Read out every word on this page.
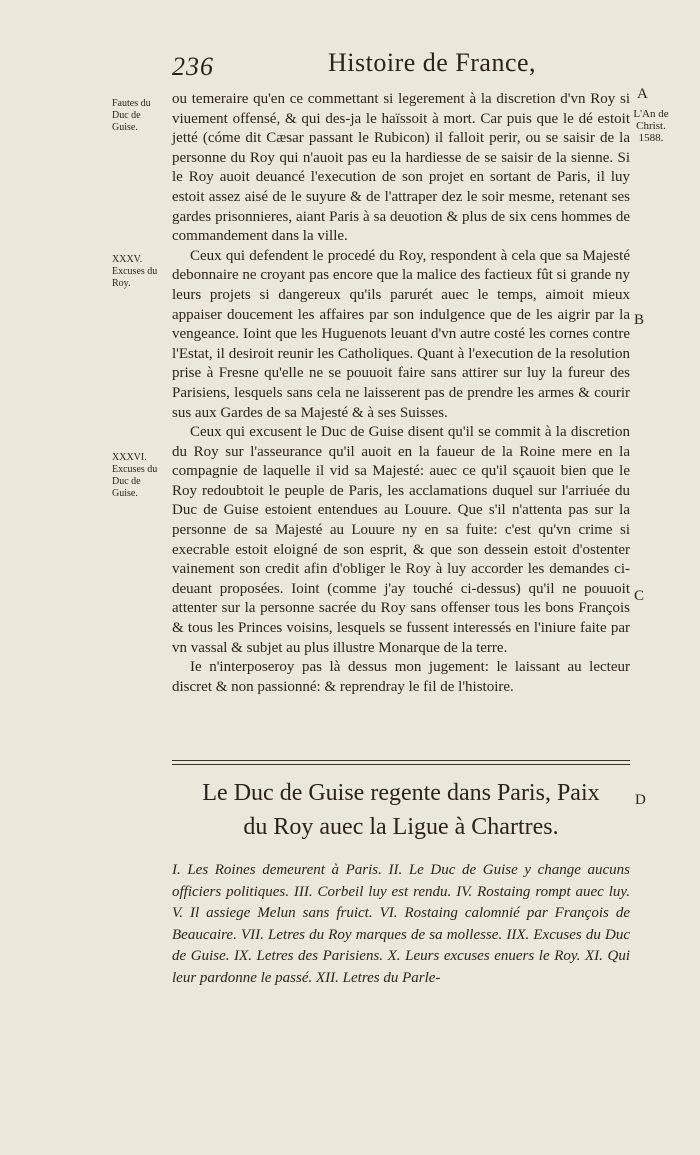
236	Histoire de France,
Fautes du Duc de Guise.
XXXV. Excuses du Roy.
XXXVI. Excuses du Duc de Guise.
A
L'An de Christ. 1588.
B
C
D

ou temeraire qu'en ce commettant si legerement à la discretion d'vn Roy si viuement offensé, & qui des-ja le haïssoit à mort. Car puis que le dé estoit jetté (cóme dit Cæsar passant le Rubicon) il falloit perir, ou se saisir de la personne du Roy qui n'auoit pas eu la hardiesse de se saisir de la sienne. Si le Roy auoit deuancé l'execution de son projet en sortant de Paris, il luy estoit assez aisé de le suyure & de l'attraper dez le soir mesme, retenant ses gardes prisonnieres, aiant Paris à sa deuotion & plus de six cens hommes de commandement dans la ville.

Ceux qui defendent le procedé du Roy, respondent à cela que sa Majesté debonnaire ne croyant pas encore que la malice des factieux fût si grande ny leurs projets si dangereux qu'ils parurét auec le temps, aimoit mieux appaiser doucement les affaires par son indulgence que de les aigrir par la vengeance. Ioint que les Huguenots leuant d'vn autre costé les cornes contre l'Estat, il desiroit reunir les Catholiques. Quant à l'execution de la resolution prise à Fresne qu'elle ne se pouuoit faire sans attirer sur luy la fureur des Parisiens, lesquels sans cela ne laisserent pas de prendre les armes & courir sus aux Gardes de sa Majesté & à ses Suisses.

Ceux qui excusent le Duc de Guise disent qu'il se commit à la discretion du Roy sur l'asseurance qu'il auoit en la faueur de la Roine mere en la compagnie de laquelle il vid sa Majesté: auec ce qu'il sçauoit bien que le Roy redoubtoit le peuple de Paris, les acclamations duquel sur l'arriuée du Duc de Guise estoient entendues au Louure. Que s'il n'attenta pas sur la personne de sa Majesté au Louure ny en sa fuite: c'est qu'vn crime si execrable estoit eloigné de son esprit, & que son dessein estoit d'ostenter vainement son credit afin d'obliger le Roy à luy accorder les demandes ci-deuant proposées. Ioint (comme j'ay touché ci-dessus) qu'il ne pouuoit attenter sur la personne sacrée du Roy sans offenser tous les bons François & tous les Princes voisins, lesquels se fussent interessés en l'iniure faite par vn vassal & subjet au plus illustre Monarque de la terre.

Ie n'interposeroy pas là dessus mon jugement: le laissant au lecteur discret & non passionné: & reprendray le fil de l'histoire.

Le Duc de Guise regente dans Paris, Paix
du Roy auec la Ligue à Chartres.
I. Les Roines demeurent à Paris. II. Le Duc de Guise y change aucuns officiers politiques. III. Corbeil luy est rendu. IV. Rostaing rompt auec luy. V. Il assiege Melun sans fruict. VI. Rostaing calomnié par François de Beaucaire. VII. Letres du Roy marques de sa mollesse. IIX. Excuses du Duc de Guise. IX. Letres des Parisiens. X. Leurs excuses enuers le Roy. XI. Qui leur pardonne le passé. XII. Letres du Parle-
